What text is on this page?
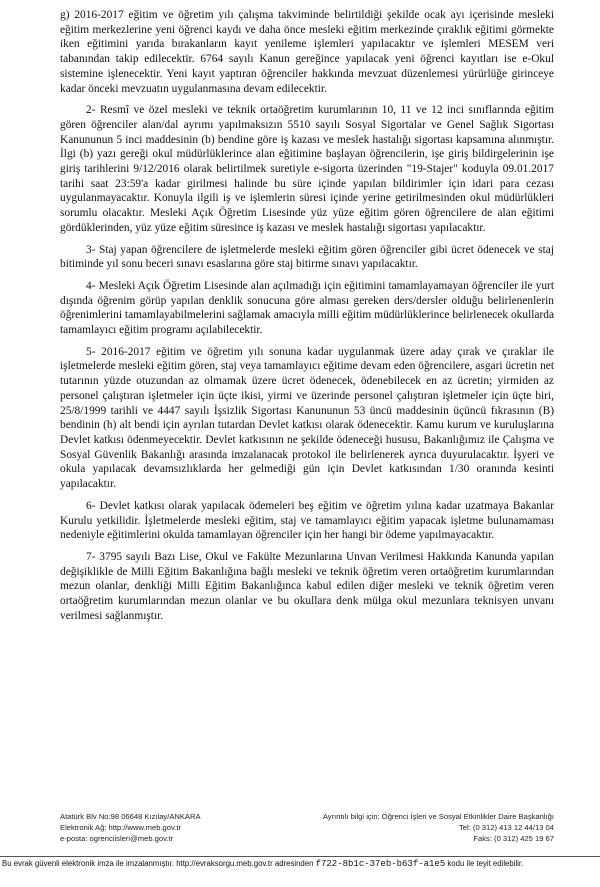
g) 2016-2017 eğitim ve öğretim yılı çalışma takviminde belirtildiği şekilde ocak ayı içerisinde mesleki eğitim merkezlerine yeni öğrenci kaydı ve daha önce mesleki eğitim merkezinde çıraklık eğitimi görmekte iken eğitimini yarıda bırakanların kayıt yenileme işlemleri yapılacaktır ve işlemleri MESEM veri tabanından takip edilecektir. 6764 sayılı Kanun gereğince yapılacak yeni öğrenci kayıtları ise e-Okul sistemine işlenecektir. Yeni kayıt yaptıran öğrenciler hakkında mevzuat düzenlemesi yürürlüğe girinceye kadar önceki mevzuatın uygulanmasına devam edilecektir.

2- Resmî ve özel mesleki ve teknik ortaöğretim kurumlarının 10, 11 ve 12 inci sınıflarında eğitim gören öğrenciler alan/dal ayrımı yapılmaksızın 5510 sayılı Sosyal Sigortalar ve Genel Sağlık Sigortası Kanununun 5 inci maddesinin (b) bendine göre iş kazası ve meslek hastalığı sigortası kapsamına alınmıştır. İlgi (b) yazı gereği okul müdürlüklerince alan eğitimine başlayan öğrencilerin, işe giriş bildirgelerinin işe giriş tarihlerini 9/12/2016 olarak belirtilmek suretiyle e-sigorta üzerinden "19-Stajer" koduyla 09.01.2017 tarihi saat 23:59'a kadar girilmesi halinde bu süre içinde yapılan bildirimler için idari para cezası uygulanmayacaktır. Konuyla ilgili iş ve işlemlerin süresi içinde yerine getirilmesinden okul müdürlükleri sorumlu olacaktır. Mesleki Açık Öğretim Lisesinde yüz yüze eğitim gören öğrencilere de alan eğitimi gördüklerinden, yüz yüze eğitim süresince iş kazası ve meslek hastalığı sigortası yapılacaktır.

3- Staj yapan öğrencilere de işletmelerde mesleki eğitim gören öğrenciler gibi ücret ödenecek ve staj bitiminde yıl sonu beceri sınavı esaslarına göre staj bitirme sınavı yapılacaktır.

4- Mesleki Açık Öğretim Lisesinde alan açılmadığı için eğitimini tamamlayamayan öğrenciler ile yurt dışında öğrenim görüp yapılan denklik sonucuna göre alması gereken ders/dersler olduğu belirlenenlerin öğrenimlerini tamamlayabilmelerini sağlamak amacıyla milli eğitim müdürlüklerince belirlenecek okullarda tamamlayıcı eğitim programı açılabilecektir.

5- 2016-2017 eğitim ve öğretim yılı sonuna kadar uygulanmak üzere aday çırak ve çıraklar ile işletmelerde mesleki eğitim gören, staj veya tamamlayıcı eğitime devam eden öğrencilere, asgari ücretin net tutarının yüzde otuzundan az olmamak üzere ücret ödenecek, ödenebilecek en az ücretin; yirmiden az personel çalıştıran işletmeler için üçte ikisi, yirmi ve üzerinde personel çalıştıran işletmeler için üçte biri, 25/8/1999 tarihli ve 4447 sayılı İşsizlik Sigortası Kanununun 53 üncü maddesinin üçüncü fıkrasının (B) bendinin (h) alt bendi için ayrılan tutardan Devlet katkısı olarak ödenecektir. Kamu kurum ve kuruluşlarına Devlet katkısı ödenmeyecektir. Devlet katkısının ne şekilde ödeneceği hususu, Bakanlığımız ile Çalışma ve Sosyal Güvenlik Bakanlığı arasında imzalanacak protokol ile belirlenerek ayrıca duyurulacaktır. İşyeri ve okula yapılacak devamsızlıklarda her gelmediği gün için Devlet katkısından 1/30 oranında kesinti yapılacaktır.

6- Devlet katkısı olarak yapılacak ödemeleri beş eğitim ve öğretim yılına kadar uzatmaya Bakanlar Kurulu yetkilidir. İşletmelerde mesleki eğitim, staj ve tamamlayıcı eğitim yapacak işletme bulunamaması nedeniyle eğitimlerini okulda tamamlayan öğrenciler için her hangi bir ödeme yapılmayacaktır.

7- 3795 sayılı Bazı Lise, Okul ve Fakülte Mezunlarına Unvan Verilmesi Hakkında Kanunda yapılan değişiklikle de Milli Eğitim Bakanlığına bağlı mesleki ve teknik öğretim veren ortaöğretim kurumlarından mezun olanlar, denkliği Milli Eğitim Bakanlığınca kabul edilen diğer mesleki ve teknik öğretim veren ortaöğretim kurumlarından mezun olanlar ve bu okullara denk mülga okul mezunlara teknisyen unvanı verilmesi sağlanmıştır.

Atatürk Blv No:98 06648 Kızılay/ANKARA	Ayrıntılı bilgi için: Öğrenci İşleri ve Sosyal Etkinlikler Daire Başkanlığı
Elektronik Ağ: http://www.meb.gov.tr	Tel: (0 312) 413 12 44/13 04
e-posta: ogrenciisleri@meb.gov.tr	Faks: (0 312) 425 19 67
Bu evrak güvenli elektronik imza ile imzalanmıştır. http://evraksorgu.meb.gov.tr adresinden f722-8b1c-37eb-b63f-a1e5 kodu ile teyit edilebilir.
